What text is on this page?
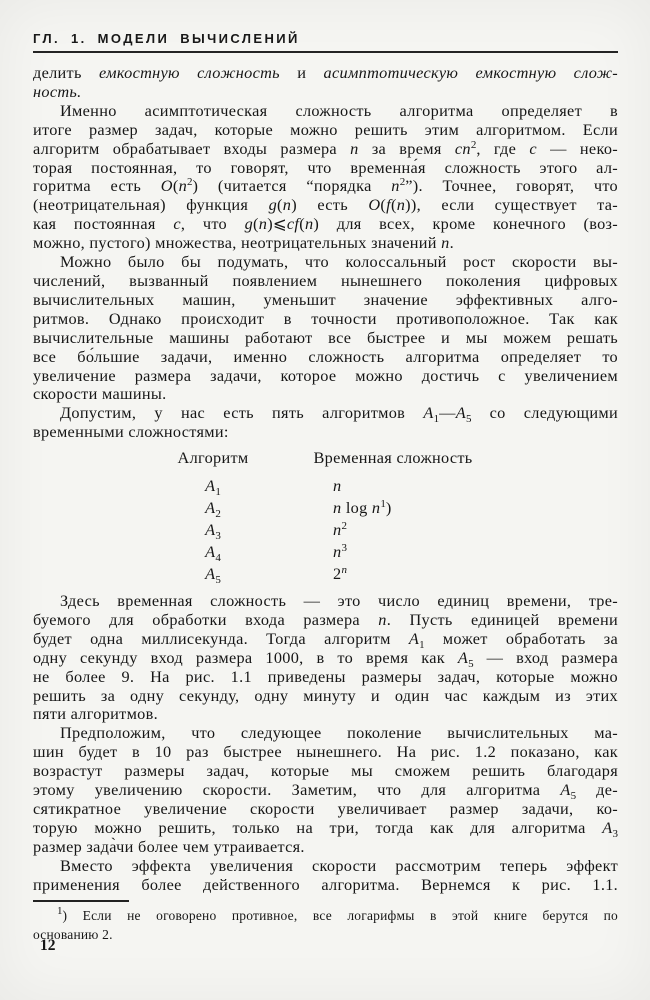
ГЛ. 1. МОДЕЛИ ВЫЧИСЛЕНИЙ
делить емкостную сложность и асимптотическую емкостную слож-
ность.
Именно асимптотическая сложность алгоритма определяет в
итоге размер задач, которые можно решить этим алгоритмом. Если
алгоритм обрабатывает входы размера n за время $cn^2$, где c — неко-
торая постоянная, то говорят, что временна́я сложность этого ал-
горитма есть $O(n^2)$ (читается “порядка $n^2$”). Точнее, говорят, что
(неотрицательная) функция g(n) есть O(f(n)), если существует та-
кая постоянная c, что g(n)⩽cf(n) для всех, кроме конечного (воз-
можно, пустого) множества, неотрицательных значений n.
Можно было бы подумать, что колоссальный рост скорости вы-
числений, вызванный появлением нынешнего поколения цифровых
вычислительных машин, уменьшит значение эффективных алго-
ритмов. Однако происходит в точности противоположное. Так как
вычислительные машины работают все быстрее и мы можем решать
все бо́льшие задачи, именно сложность алгоритма определяет то
увеличение размера задачи, которое можно достичь с увеличением
скорости машины.
Допустим, у нас есть пять алгоритмов $A_1—A_5$ со следующими
временными сложностями:
Алгоритм	Временная сложность
$A_1$	n
$A_2$	n $\log n^1$)
$A_3$	$n^2$
$A_4$	$n^3$
$A_5$	2$^n$
Здесь временная сложность — это число единиц времени, тре-
буемого для обработки входа размера n. Пусть единицей времени
будет одна миллисекунда. Тогда алгоритм $A_1$ может обработать за
одну секунду вход размера 1000, в то время как $A_5$ — вход размера
не более 9. На рис. 1.1 приведены размеры задач, которые можно
решить за одну секунду, одну минуту и один час каждым из этих
пяти алгоритмов.
Предположим, что следующее поколение вычислительных ма-
шин будет в 10 раз быстрее нынешнего. На рис. 1.2 показано, как
возрастут размеры задач, которые мы сможем решить благодаря
этому увеличению скорости. Заметим, что для алгоритма $A_5$ де-
сятикратное увеличение скорости увеличивает размер задачи, ко-
торую можно решить, только на три, тогда как для алгоритма $A_3$
размер зада̀чи более чем утраивается.
Вместо эффекта увеличения скорости рассмотрим теперь эффект
применения более действенного алгоритма. Вернемся к рис. 1.1.
$^1$) Если не оговорено противное, все логарифмы в этой книге берутся по
основанию 2.
12
